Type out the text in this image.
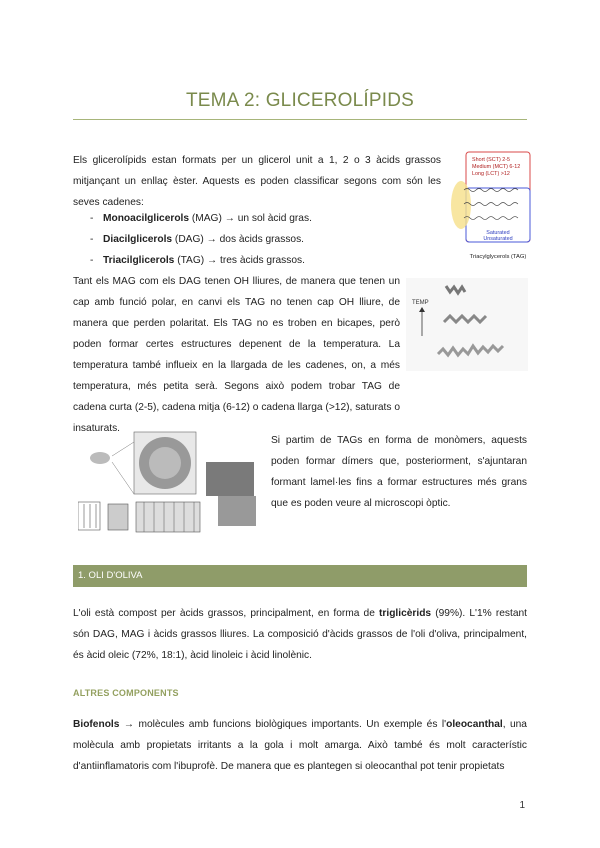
TEMA 2: GLICEROLÍPIDS
Els glicerolípids estan formats per un glicerol unit a 1, 2 o 3 àcids grassos mitjançant un enllaç èster. Aquests es poden classificar segons com són les seves cadenes:
- Monoacilglicerols (MAG) → un sol àcid gras.
- Diacilglicerols (DAG) → dos àcids grassos.
- Triacilglicerols (TAG) → tres àcids grassos.
Short (SCT) 2-5
Medium (MCT) 6-12
Long (LCT) >12
Saturated
Unsaturated
Triacylglycerols (TAG)
Tant els MAG com els DAG tenen OH lliures, de manera que tenen un cap amb funció polar, en canvi els TAG no tenen cap OH lliure, de manera que perden polaritat. Els TAG no es troben en bicapes, però poden formar certes estructures depenent de la temperatura. La temperatura també influeix en la llargada de les cadenes, on, a més temperatura, més petita serà. Segons això podem trobar TAG de cadena curta (2-5), cadena mitja (6-12) o cadena llarga (>12), saturats o insaturats.
TEMP
Si partim de TAGs en forma de monòmers, aquests poden formar dímers que, posteriorment, s'ajuntaran formant lamel·les fins a formar estructures més grans que es poden veure al microscopi òptic.
1. OLI D'OLIVA
L'oli està compost per àcids grassos, principalment, en forma de triglicèrids (99%). L'1% restant són DAG, MAG i àcids grassos lliures. La composició d'àcids grassos de l'oli d'oliva, principalment, és àcid oleic (72%, 18:1), àcid linoleic i àcid linolènic.
ALTRES COMPONENTS
Biofenols → molècules amb funcions biològiques importants. Un exemple és l'oleocanthal, una molècula amb propietats irritants a la gola i molt amarga. Això també és molt característic d'antiinflamatoris com l'ibuprofè. De manera que es plantegen si oleocanthal pot tenir propietats
1
